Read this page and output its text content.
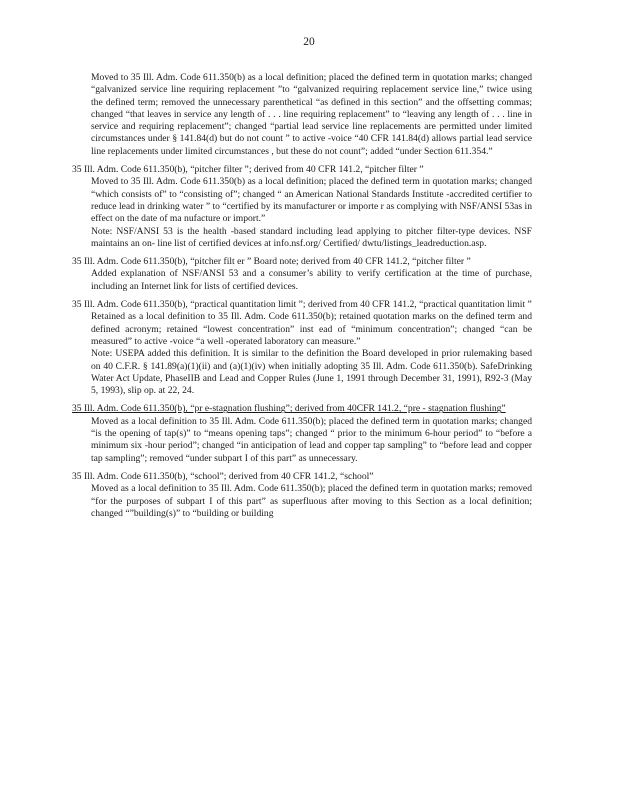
20

Moved to 35 Ill. Adm. Code 611.350(b) as a local definition; placed the defined term in quotation marks; changed “galvanized service line requiring replacement ”to “galvanized requiring replacement service line,” twice using the defined term; removed the unnecessary parenthetical “as defined in this section” and the offsetting commas; changed “that leaves in service any length of . . . line requiring replacement” to “leaving any length of . . . line in service and requiring replacement”; changed “partial lead service line replacements are permitted under limited circumstances under § 141.84(d) but do not count ” to active -voice “40 CFR 141.84(d) allows partial lead service line replacements under limited circumstances , but these do not count”; added “under Section 611.354.”

35 Ill. Adm. Code 611.350(b), “pitcher filter ”; derived from 40 CFR 141.2, “pitcher filter ”

Moved to 35 Ill. Adm. Code 611.350(b) as a local definition; placed the defined term in quotation marks; changed “which consists of” to “consisting of”; changed “ an American National Standards Institute -accredited certifier to reduce lead in drinking water ” to “certified by its manufacturer or importe r as complying with NSF/ANSI 53as in effect on the date of ma nufacture or import.”

Note: NSF/ANSI 53 is the health -based standard including lead applying to pitcher filter-type devices. NSF maintains an on- line list of certified devices at info.nsf.org/ Certified/ dwtu/listings_leadreduction.asp.

35 Ill. Adm. Code 611.350(b), “pitcher filt er ” Board note; derived from 40 CFR 141.2, “pitcher filter ”

Added explanation of NSF/ANSI 53 and a consumer’s ability to verify certification at the time of purchase, including an Internet link for lists of certified devices.

35 Ill. Adm. Code 611.350(b), “practical quantitation limit ”; derived from 40 CFR 141.2, “practical quantitation limit ”

Retained as a local definition to 35 Ill. Adm. Code 611.350(b); retained quotation marks on the defined term and defined acronym; retained “lowest concentration” inst ead of “minimum concentration”; changed “can be measured” to active -voice “a well -operated laboratory can measure.”

Note: USEPA added this definition. It is similar to the definition the Board developed in prior rulemaking based on 40 C.F.R. § 141.89(a)(1)(ii) and (a)(1)(iv) when initially adopting 35 Ill. Adm. Code 611.350(b). SafeDrinking Water Act Update, PhaseIIB and Lead and Copper Rules (June 1, 1991 through December 31, 1991), R92-3 (May 5, 1993), slip op. at 22, 24.

35 Ill. Adm. Code 611.350(b), “pr e-stagnation flushing”; derived from 40CFR 141.2, “pre - stagnation flushing”

Moved as a local definition to 35 Ill. Adm. Code 611.350(b); placed the defined term in quotation marks; changed “is the opening of tap(s)” to “means opening taps”; changed “ prior to the minimum 6-hour period” to “before a minimum six -hour period”; changed “in anticipation of lead and copper tap sampling” to “before lead and copper tap sampling”; removed “under subpart I of this part” as unnecessary.

35 Ill. Adm. Code 611.350(b), “school”; derived from 40 CFR 141.2, “school”

Moved as a local definition to 35 Ill. Adm. Code 611.350(b); placed the defined term in quotation marks; removed “for the purposes of subpart I of this part” as superfluous after moving to this Section as a local definition; changed “”building(s)” to “building or building
